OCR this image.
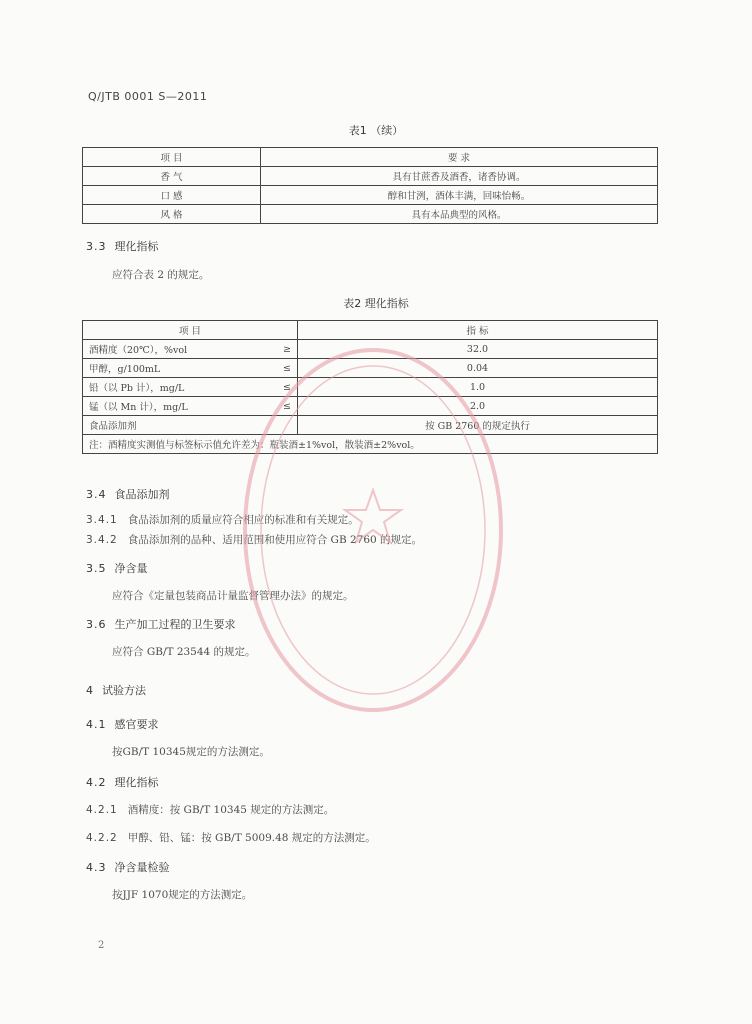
Q/JTB 0001 S—2011
表1 （续）
项 目	要 求
香 气	具有甘蔗香及酒香，诸香协调。
口 感	醇和甘洌，酒体丰满，回味怡畅。
风 格	具有本品典型的风格。
3.3 理化指标
应符合表 2 的规定。
表2 理化指标
项 目		指 标
酒精度（20℃），%vol	≥	32.0
甲醇，g/100mL	≤	0.04
铅（以 Pb 计），mg/L	≤	1.0
锰（以 Mn 计），mg/L	≤	2.0
食品添加剂		按 GB 2760 的规定执行
注：酒精度实测值与标签标示值允许差为：瓶装酒±1%vol，散装酒±2%vol。		
3.4 食品添加剂
3.4.1 食品添加剂的质量应符合相应的标准和有关规定。
3.4.2 食品添加剂的品种、适用范围和使用应符合 GB 2760 的规定。
3.5 净含量
应符合《定量包装商品计量监督管理办法》的规定。
3.6 生产加工过程的卫生要求
应符合 GB/T 23544 的规定。
4 试验方法
4.1 感官要求
按GB/T 10345规定的方法测定。
4.2 理化指标
4.2.1 酒精度：按 GB/T 10345 规定的方法测定。
4.2.2 甲醇、铅、锰：按 GB/T 5009.48 规定的方法测定。
4.3 净含量检验
按JJF 1070规定的方法测定。
2
